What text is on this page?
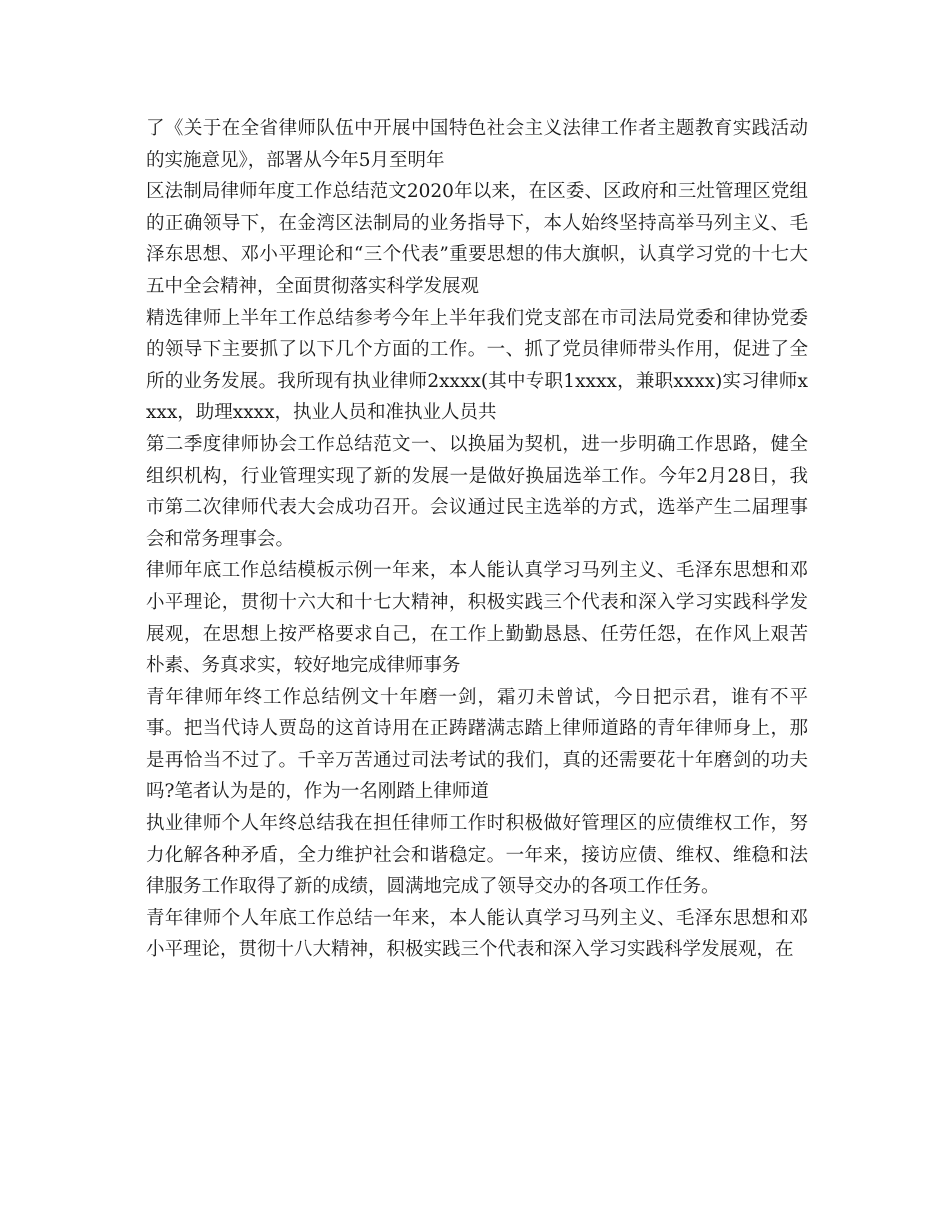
了《关于在全省律师队伍中开展中国特色社会主义法律工作者主题教育实践活动的实施意见》，部署从今年5月至明年

区法制局律师年度工作总结范文2020年以来，在区委、区政府和三灶管理区党组的正确领导下，在金湾区法制局的业务指导下，本人始终坚持高举马列主义、毛泽东思想、邓小平理论和“三个代表”重要思想的伟大旗帜，认真学习党的十七大五中全会精神，全面贯彻落实科学发展观

精选律师上半年工作总结参考今年上半年我们党支部在市司法局党委和律协党委的领导下主要抓了以下几个方面的工作。一、抓了党员律师带头作用，促进了全所的业务发展。我所现有执业律师2xxxx(其中专职1xxxx，兼职xxxx)实习律师xxxx，助理xxxx，执业人员和准执业人员共

第二季度律师协会工作总结范文一、以换届为契机，进一步明确工作思路，健全组织机构，行业管理实现了新的发展一是做好换届选举工作。今年2月28日，我市第二次律师代表大会成功召开。会议通过民主选举的方式，选举产生二届理事会和常务理事会。

律师年底工作总结模板示例一年来，本人能认真学习马列主义、毛泽东思想和邓小平理论，贯彻十六大和十七大精神，积极实践三个代表和深入学习实践科学发展观，在思想上按严格要求自己，在工作上勤勤恳恳、任劳任怨，在作风上艰苦朴素、务真求实，较好地完成律师事务

青年律师年终工作总结例文十年磨一剑，霜刃未曾试，今日把示君，谁有不平事。把当代诗人贾岛的这首诗用在正踌躇满志踏上律师道路的青年律师身上，那是再恰当不过了。千辛万苦通过司法考试的我们，真的还需要花十年磨剑的功夫吗?笔者认为是的，作为一名刚踏上律师道

执业律师个人年终总结我在担任律师工作时积极做好管理区的应债维权工作，努力化解各种矛盾，全力维护社会和谐稳定。一年来，接访应债、维权、维稳和法律服务工作取得了新的成绩，圆满地完成了领导交办的各项工作任务。

青年律师个人年底工作总结一年来，本人能认真学习马列主义、毛泽东思想和邓小平理论，贯彻十八大精神，积极实践三个代表和深入学习实践科学发展观，在
